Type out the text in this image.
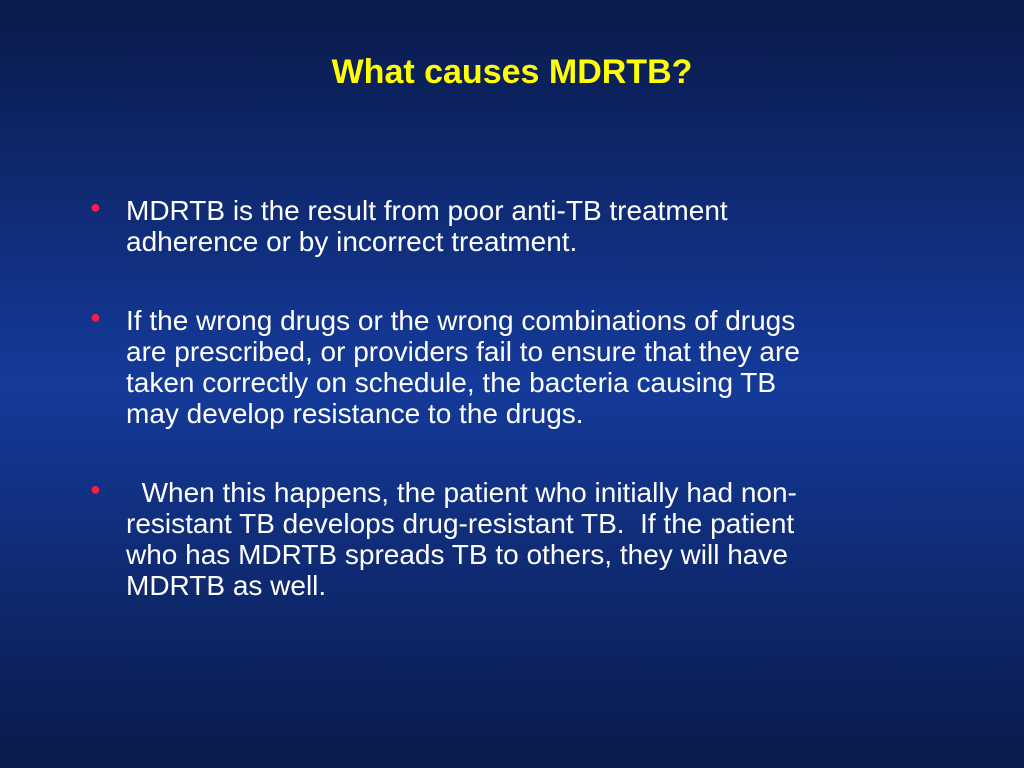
What causes MDRTB?
● MDRTB is the result from poor anti-TB treatment
adherence or by incorrect treatment.
● If the wrong drugs or the wrong combinations of drugs
are prescribed, or providers fail to ensure that they are
taken correctly on schedule, the bacteria causing TB
may develop resistance to the drugs.
● When this happens, the patient who initially had non-
resistant TB develops drug-resistant TB.  If the patient
who has MDRTB spreads TB to others, they will have
MDRTB as well.
